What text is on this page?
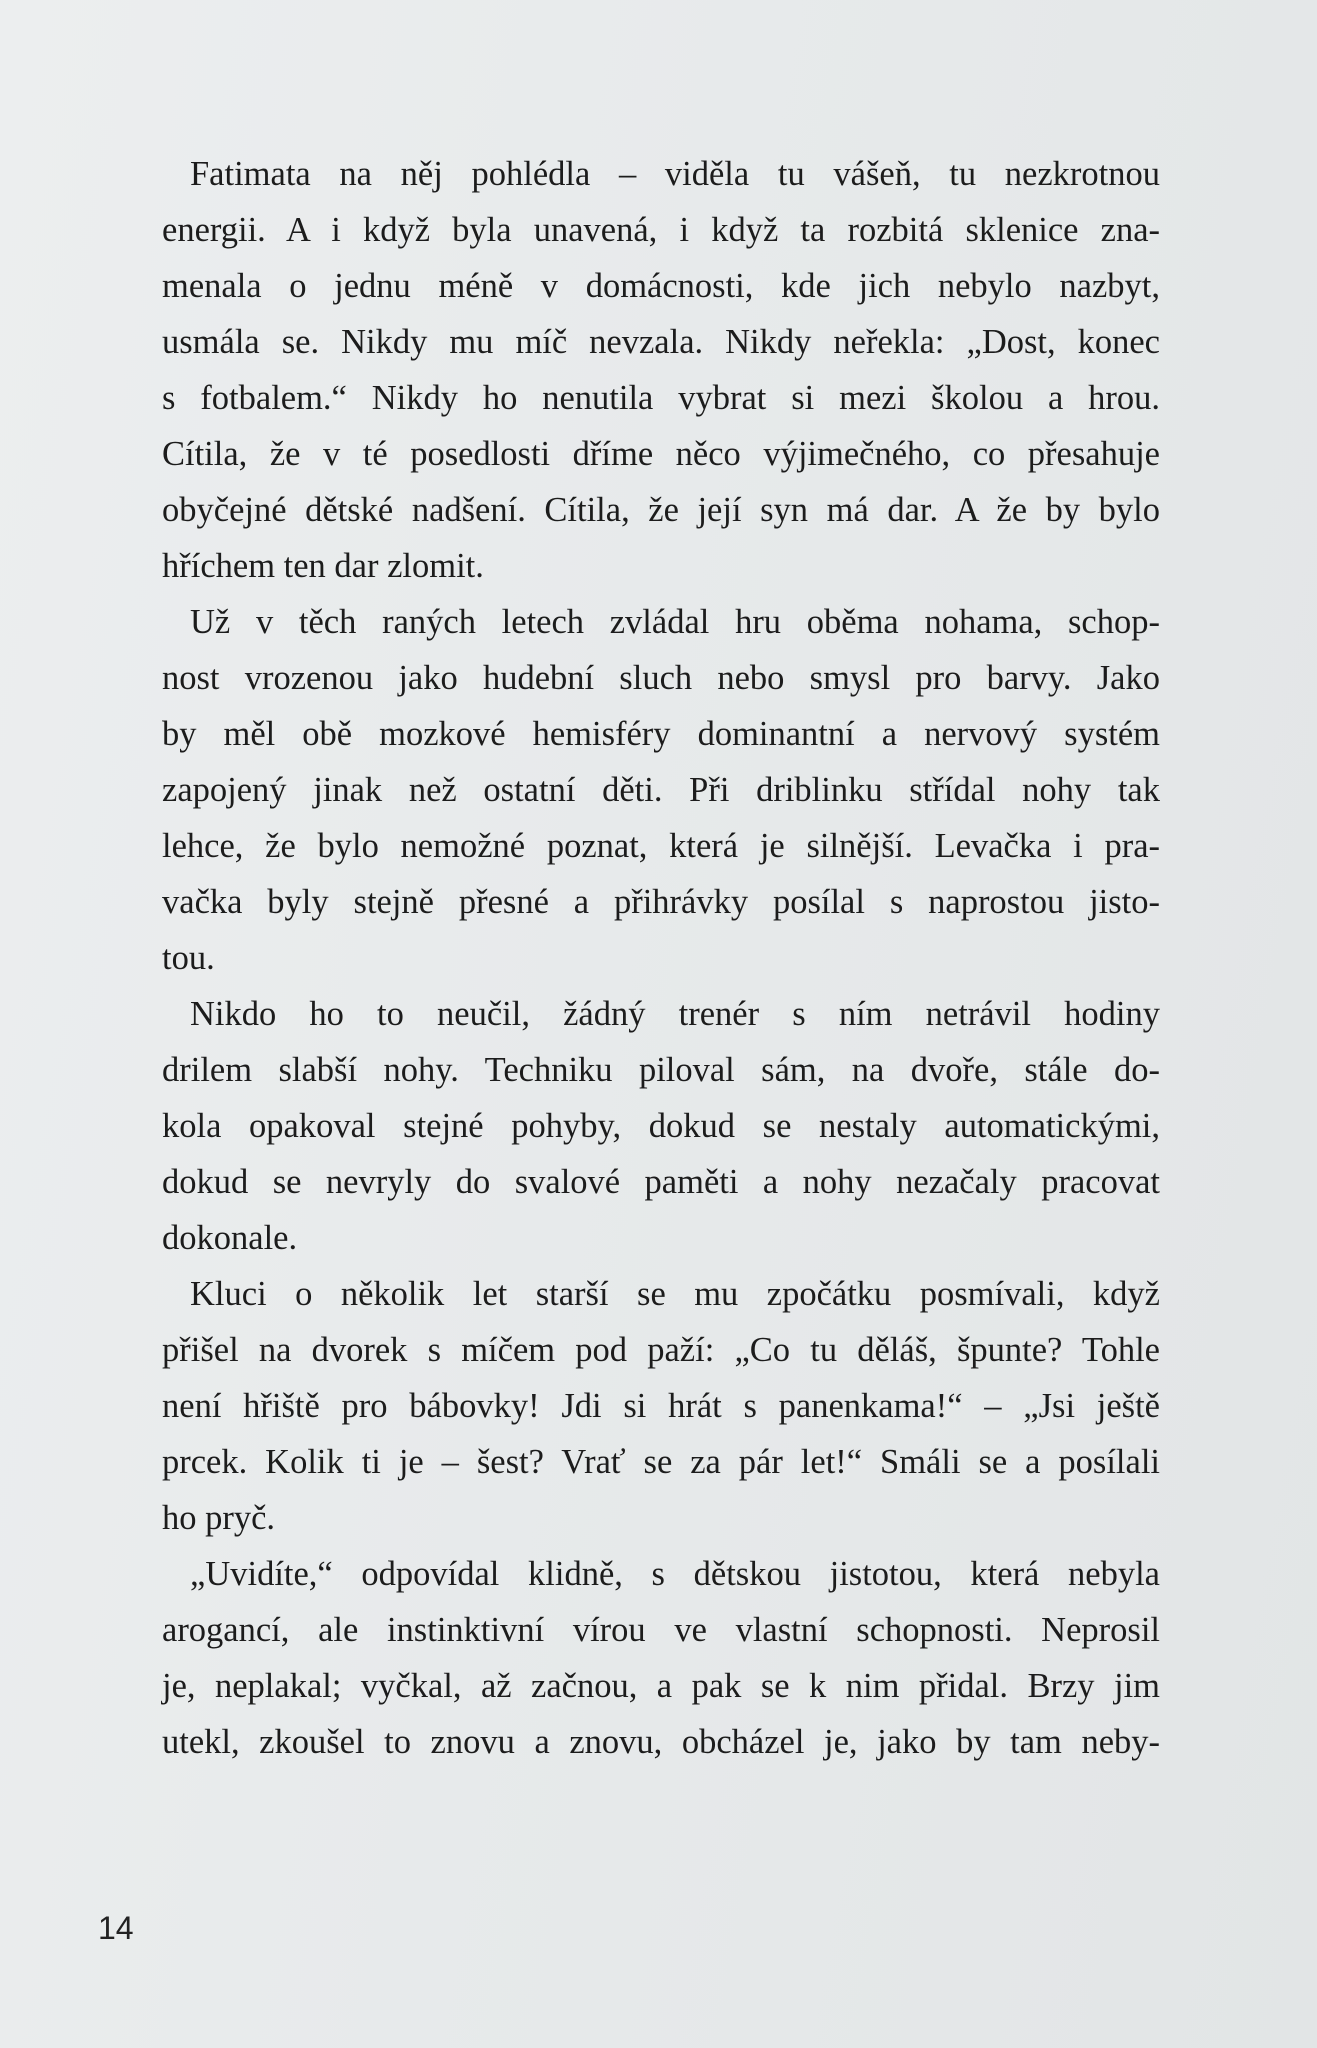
Fatimata na něj pohlédla – viděla tu vášeň, tu nezkrotnou
energii. A i když byla unavená, i když ta rozbitá sklenice zna-
menala o jednu méně v domácnosti, kde jich nebylo nazbyt,
usmála se. Nikdy mu míč nevzala. Nikdy neřekla: „Dost, konec
s fotbalem.“ Nikdy ho nenutila vybrat si mezi školou a hrou.
Cítila, že v té posedlosti dříme něco výjimečného, co přesahuje
obyčejné dětské nadšení. Cítila, že její syn má dar. A že by bylo
hříchem ten dar zlomit.
Už v těch raných letech zvládal hru oběma nohama, schop-
nost vrozenou jako hudební sluch nebo smysl pro barvy. Jako
by měl obě mozkové hemisféry dominantní a nervový systém
zapojený jinak než ostatní děti. Při driblinku střídal nohy tak
lehce, že bylo nemožné poznat, která je silnější. Levačka i pra-
vačka byly stejně přesné a přihrávky posílal s naprostou jisto-
tou.
Nikdo ho to neučil, žádný trenér s ním netrávil hodiny
drilem slabší nohy. Techniku piloval sám, na dvoře, stále do-
kola opakoval stejné pohyby, dokud se nestaly automatickými,
dokud se nevryly do svalové paměti a nohy nezačaly pracovat
dokonale.
Kluci o několik let starší se mu zpočátku posmívali, když
přišel na dvorek s míčem pod paží: „Co tu děláš, špunte? Tohle
není hřiště pro bábovky! Jdi si hrát s panenkama!“ – „Jsi ještě
prcek. Kolik ti je – šest? Vrať se za pár let!“ Smáli se a posílali
ho pryč.
„Uvidíte,“ odpovídal klidně, s dětskou jistotou, která nebyla
arogancí, ale instinktivní vírou ve vlastní schopnosti. Neprosil
je, neplakal; vyčkal, až začnou, a pak se k nim přidal. Brzy jim
utekl, zkoušel to znovu a znovu, obcházel je, jako by tam neby-
14
